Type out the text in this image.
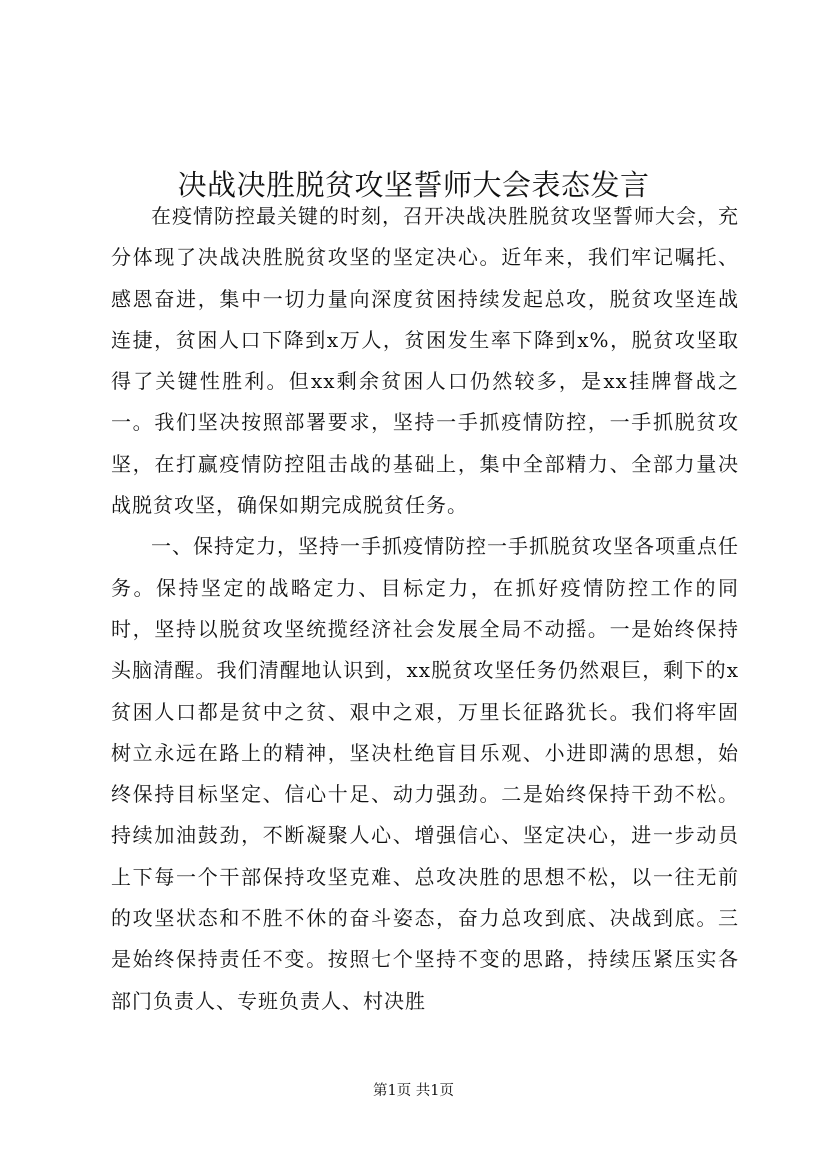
决战决胜脱贫攻坚誓师大会表态发言

在疫情防控最关键的时刻，召开决战决胜脱贫攻坚誓师大会，充分体现了决战决胜脱贫攻坚的坚定决心。近年来，我们牢记嘱托、感恩奋进，集中一切力量向深度贫困持续发起总攻，脱贫攻坚连战连捷，贫困人口下降到x万人，贫困发生率下降到x%，脱贫攻坚取得了关键性胜利。但xx剩余贫困人口仍然较多，是xx挂牌督战之一。我们坚决按照部署要求，坚持一手抓疫情防控，一手抓脱贫攻坚，在打赢疫情防控阻击战的基础上，集中全部精力、全部力量决战脱贫攻坚，确保如期完成脱贫任务。

一、保持定力，坚持一手抓疫情防控一手抓脱贫攻坚各项重点任务。保持坚定的战略定力、目标定力，在抓好疫情防控工作的同时，坚持以脱贫攻坚统揽经济社会发展全局不动摇。一是始终保持头脑清醒。我们清醒地认识到，xx脱贫攻坚任务仍然艰巨，剩下的x贫困人口都是贫中之贫、艰中之艰，万里长征路犹长。我们将牢固树立永远在路上的精神，坚决杜绝盲目乐观、小进即满的思想，始终保持目标坚定、信心十足、动力强劲。二是始终保持干劲不松。持续加油鼓劲，不断凝聚人心、增强信心、坚定决心，进一步动员上下每一个干部保持攻坚克难、总攻决胜的思想不松，以一往无前的攻坚状态和不胜不休的奋斗姿态，奋力总攻到底、决战到底。三是始终保持责任不变。按照七个坚持不变的思路，持续压紧压实各部门负责人、专班负责人、村决胜

第1页 共1页
